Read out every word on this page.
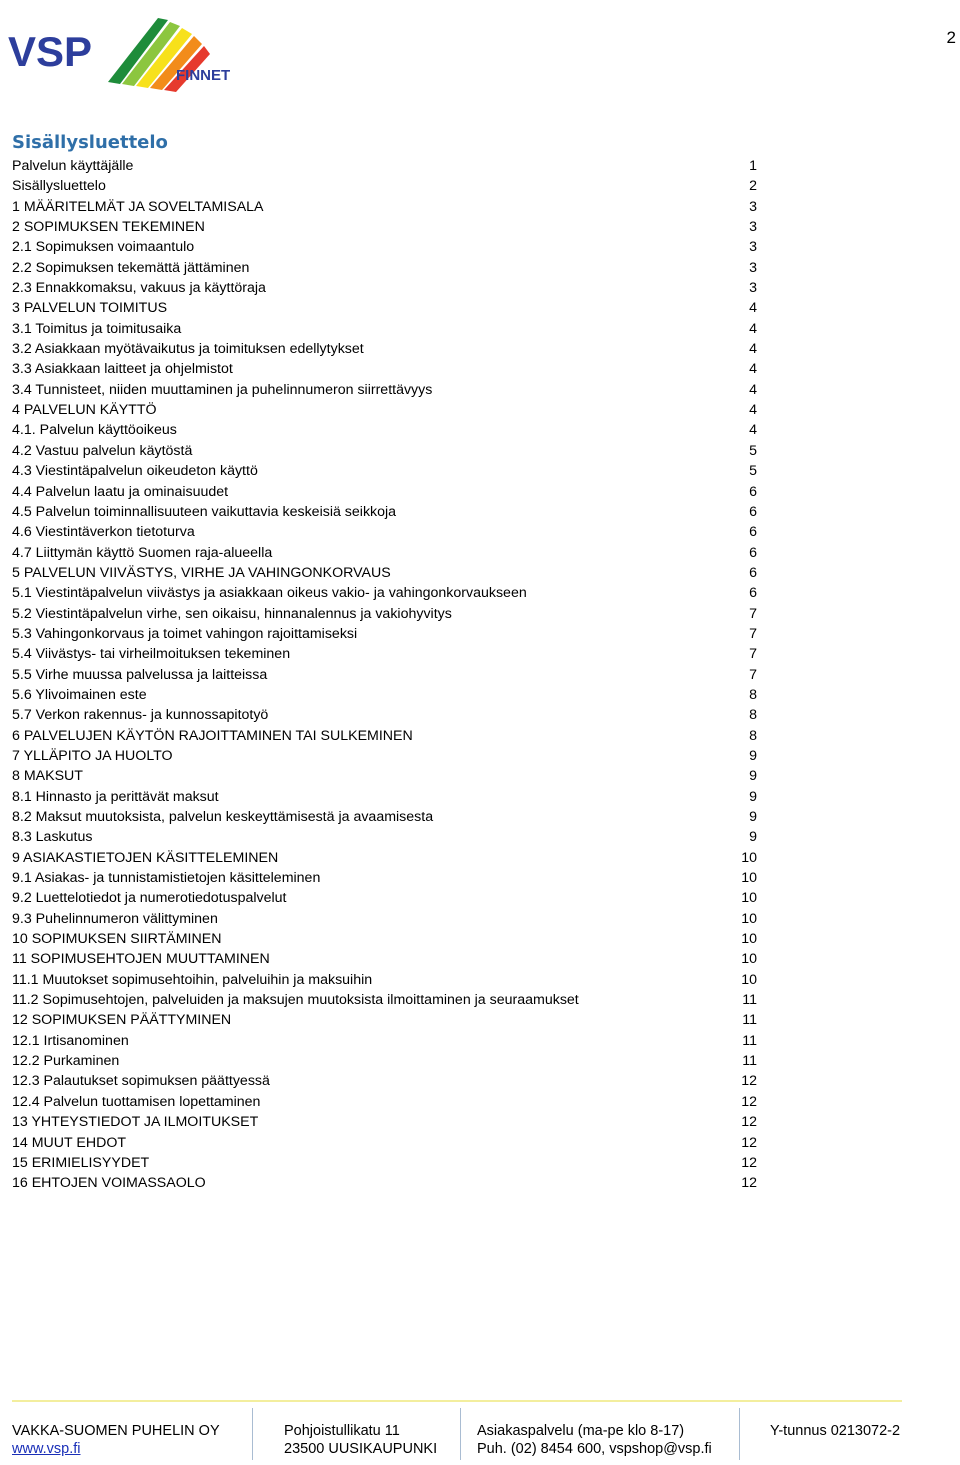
2
VSP
FINNET
Sisällysluettelo
Palvelun käyttäjälle	1
Sisällysluettelo	2
1 MÄÄRITELMÄT JA SOVELTAMISALA	3
2 SOPIMUKSEN TEKEMINEN	3
2.1 Sopimuksen voimaantulo	3
2.2 Sopimuksen tekemättä jättäminen	3
2.3 Ennakkomaksu, vakuus ja käyttöraja	3
3 PALVELUN TOIMITUS	4
3.1 Toimitus ja toimitusaika	4
3.2 Asiakkaan myötävaikutus ja toimituksen edellytykset	4
3.3 Asiakkaan laitteet ja ohjelmistot	4
3.4 Tunnisteet, niiden muuttaminen ja puhelinnumeron siirrettävyys	4
4 PALVELUN KÄYTTÖ	4
4.1. Palvelun käyttöoikeus	4
4.2 Vastuu palvelun käytöstä	5
4.3 Viestintäpalvelun oikeudeton käyttö	5
4.4 Palvelun laatu ja ominaisuudet	6
4.5 Palvelun toiminnallisuuteen vaikuttavia keskeisiä seikkoja	6
4.6 Viestintäverkon tietoturva	6
4.7 Liittymän käyttö Suomen raja-alueella	6
5 PALVELUN VIIVÄSTYS, VIRHE JA VAHINGONKORVAUS	6
5.1 Viestintäpalvelun viivästys ja asiakkaan oikeus vakio- ja vahingonkorvaukseen	6
5.2 Viestintäpalvelun virhe, sen oikaisu, hinnanalennus ja vakiohyvitys	7
5.3 Vahingonkorvaus ja toimet vahingon rajoittamiseksi	7
5.4 Viivästys- tai virheilmoituksen tekeminen	7
5.5 Virhe muussa palvelussa ja laitteissa	7
5.6 Ylivoimainen este	8
5.7 Verkon rakennus- ja kunnossapitotyö	8
6 PALVELUJEN KÄYTÖN RAJOITTAMINEN TAI SULKEMINEN	8
7 YLLÄPITO JA HUOLTO	9
8 MAKSUT	9
8.1 Hinnasto ja perittävät maksut	9
8.2 Maksut muutoksista, palvelun keskeyttämisestä ja avaamisesta	9
8.3 Laskutus	9
9 ASIAKASTIETOJEN KÄSITTELEMINEN	10
9.1 Asiakas- ja tunnistamistietojen käsitteleminen	10
9.2 Luettelotiedot ja numerotiedotuspalvelut	10
9.3 Puhelinnumeron välittyminen	10
10 SOPIMUKSEN SIIRTÄMINEN	10
11 SOPIMUSEHTOJEN MUUTTAMINEN	10
11.1 Muutokset sopimusehtoihin, palveluihin ja maksuihin	10
11.2 Sopimusehtojen, palveluiden ja maksujen muutoksista ilmoittaminen ja seuraamukset	11
12 SOPIMUKSEN PÄÄTTYMINEN	11
12.1 Irtisanominen	11
12.2 Purkaminen	11
12.3 Palautukset sopimuksen päättyessä	12
12.4 Palvelun tuottamisen lopettaminen	12
13 YHTEYSTIEDOT JA ILMOITUKSET	12
14 MUUT EHDOT	12
15 ERIMIELISYYDET	12
16 EHTOJEN VOIMASSAOLO	12
VAKKA-SUOMEN PUHELIN OY
www.vsp.fi
Pohjoistullikatu 11
23500 UUSIKAUPUNKI
Asiakaspalvelu (ma-pe klo 8-17)
Puh. (02) 8454 600, vspshop@vsp.fi
Y-tunnus 0213072-2
